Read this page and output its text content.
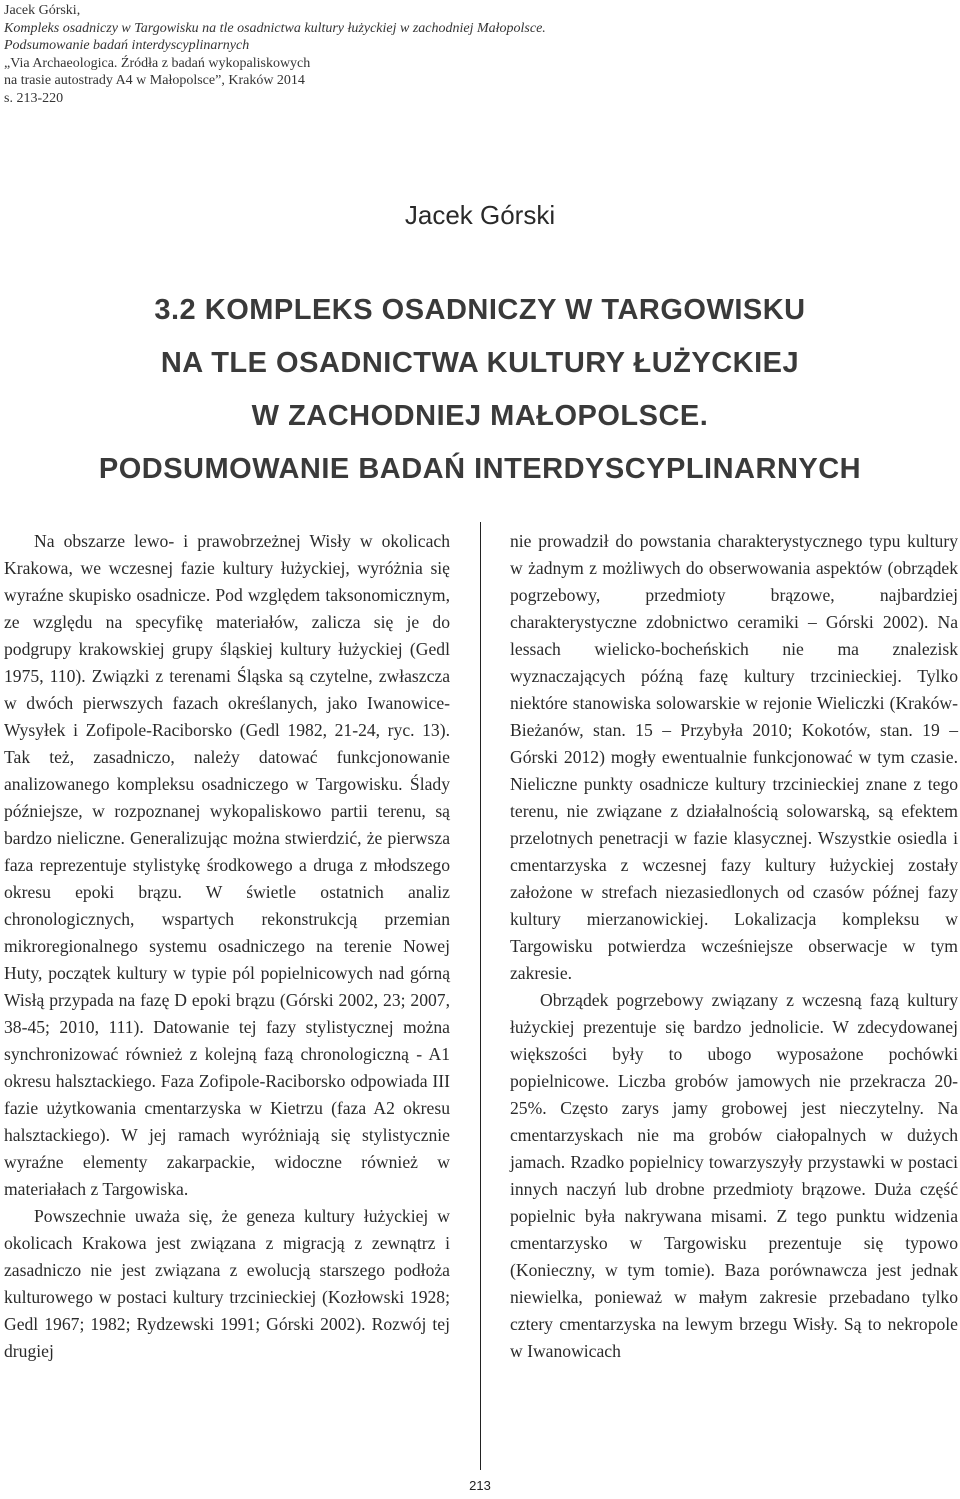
Jacek Górski,
Kompleks osadniczy w Targowisku na tle osadnictwa kultury łużyckiej w zachodniej Małopolsce.
Podsumowanie badań interdyscyplinarnych
„Via Archaeologica. Źródła z badań wykopaliskowych
na trasie autostrady A4 w Małopolsce”, Kraków 2014
s. 213-220
Jacek Górski
3.2 KOMPLEKS OSADNICZY W TARGOWISKU
NA TLE OSADNICTWA KULTURY ŁUŻYCKIEJ
W ZACHODNIEJ MAŁOPOLSCE.
PODSUMOWANIE BADAŃ INTERDYSCYPLINARNYCH

Na obszarze lewo- i prawobrzeżnej Wisły w okolicach Krakowa, we wczesnej fazie kultury łużyckiej, wyróżnia się wyraźne skupisko osadnicze. Pod względem taksonomicznym, ze względu na specyfikę materiałów, zalicza się je do podgrupy krakowskiej grupy śląskiej kultury łużyckiej (Gedl 1975, 110). Związki z terenami Śląska są czytelne, zwłaszcza w dwóch pierwszych fazach określanych, jako Iwanowice-Wysyłek i Zofipole-Raciborsko (Gedl 1982, 21-24, ryc. 13). Tak też, zasadniczo, należy datować funkcjonowanie analizowanego kompleksu osadniczego w Targowisku. Ślady późniejsze, w rozpoznanej wykopaliskowo partii terenu, są bardzo nieliczne. Generalizując można stwierdzić, że pierwsza faza reprezentuje stylistykę środkowego a druga z młodszego okresu epoki brązu. W świetle ostatnich analiz chronologicznych, wspartych rekonstrukcją przemian mikroregionalnego systemu osadniczego na terenie Nowej Huty, początek kultury w typie pól popielnicowych nad górną Wisłą przypada na fazę D epoki brązu (Górski 2002, 23; 2007, 38-45; 2010, 111). Datowanie tej fazy stylistycznej można synchronizować również z kolejną fazą chronologiczną - A1 okresu halsztackiego. Faza Zofipole-Raciborsko odpowiada III fazie użytkowania cmentarzyska w Kietrzu (faza A2 okresu halsztackiego). W jej ramach wyróżniają się stylistycznie wyraźne elementy zakarpackie, widoczne również w materiałach z Targowiska.

Powszechnie uważa się, że geneza kultury łużyckiej w okolicach Krakowa jest związana z migracją z zewnątrz i zasadniczo nie jest związana z ewolucją starszego podłoża kulturowego w postaci kultury trzcinieckiej (Kozłowski 1928; Gedl 1967; 1982; Rydzewski 1991; Górski 2002). Rozwój tej drugiej

nie prowadził do powstania charakterystycznego typu kultury w żadnym z możliwych do obserwowania aspektów (obrządek pogrzebowy, przedmioty brązowe, najbardziej charakterystyczne zdobnictwo ceramiki – Górski 2002). Na lessach wielicko-bocheńskich nie ma znalezisk wyznaczających późną fazę kultury trzcinieckiej. Tylko niektóre stanowiska solowarskie w rejonie Wieliczki (Kraków-Bieżanów, stan. 15 – Przybyła 2010; Kokotów, stan. 19 – Górski 2012) mogły ewentualnie funkcjonować w tym czasie. Nieliczne punkty osadnicze kultury trzcinieckiej znane z tego terenu, nie związane z działalnością solowarską, są efektem przelotnych penetracji w fazie klasycznej. Wszystkie osiedla i cmentarzyska z wczesnej fazy kultury łużyckiej zostały założone w strefach niezasiedlonych od czasów późnej fazy kultury mierzanowickiej. Lokalizacja kompleksu w Targowisku potwierdza wcześniejsze obserwacje w tym zakresie.

Obrządek pogrzebowy związany z wczesną fazą kultury łużyckiej prezentuje się bardzo jednolicie. W zdecydowanej większości były to ubogo wyposażone pochówki popielnicowe. Liczba grobów jamowych nie przekracza 20-25%. Często zarys jamy grobowej jest nieczytelny. Na cmentarzyskach nie ma grobów ciałopalnych w dużych jamach. Rzadko popielnicy towarzyszyły przystawki w postaci innych naczyń lub drobne przedmioty brązowe. Duża część popielnic była nakrywana misami. Z tego punktu widzenia cmentarzysko w Targowisku prezentuje się typowo (Konieczny, w tym tomie). Baza porównawcza jest jednak niewielka, ponieważ w małym zakresie przebadano tylko cztery cmentarzyska na lewym brzegu Wisły. Są to nekropole w Iwanowicach

213
